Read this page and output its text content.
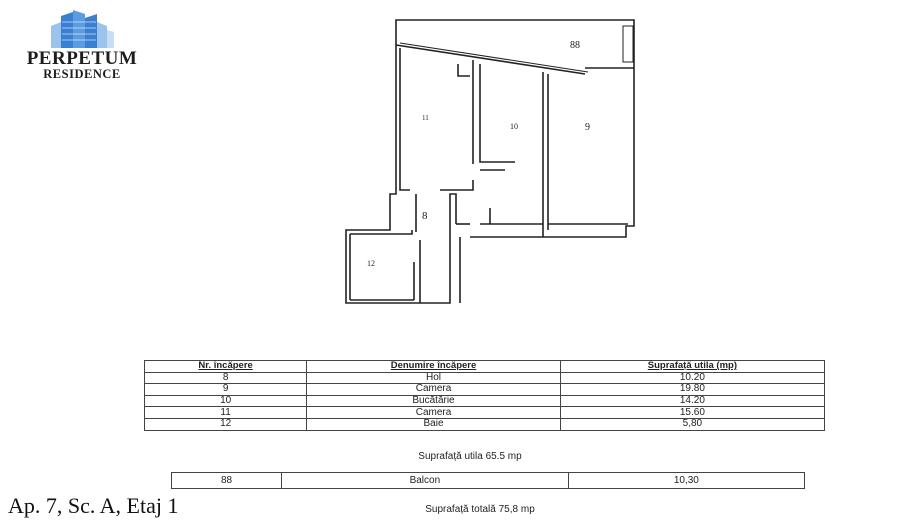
PERPETUM
RESIDENCE
88
11
10	9
8
12
Nr. încăpere	Denumire încăpere	Suprafață utila (mp)
8	Hol	10.20
9	Camera	19.80
10	Bucătărie	14.20
11	Camera	15.60
12	Baie	5,80
Suprafață utila 65.5 mp
88	Balcon	10,30
Ap. 7, Sc. A, Etaj 1	Suprafață totală 75,8 mp
